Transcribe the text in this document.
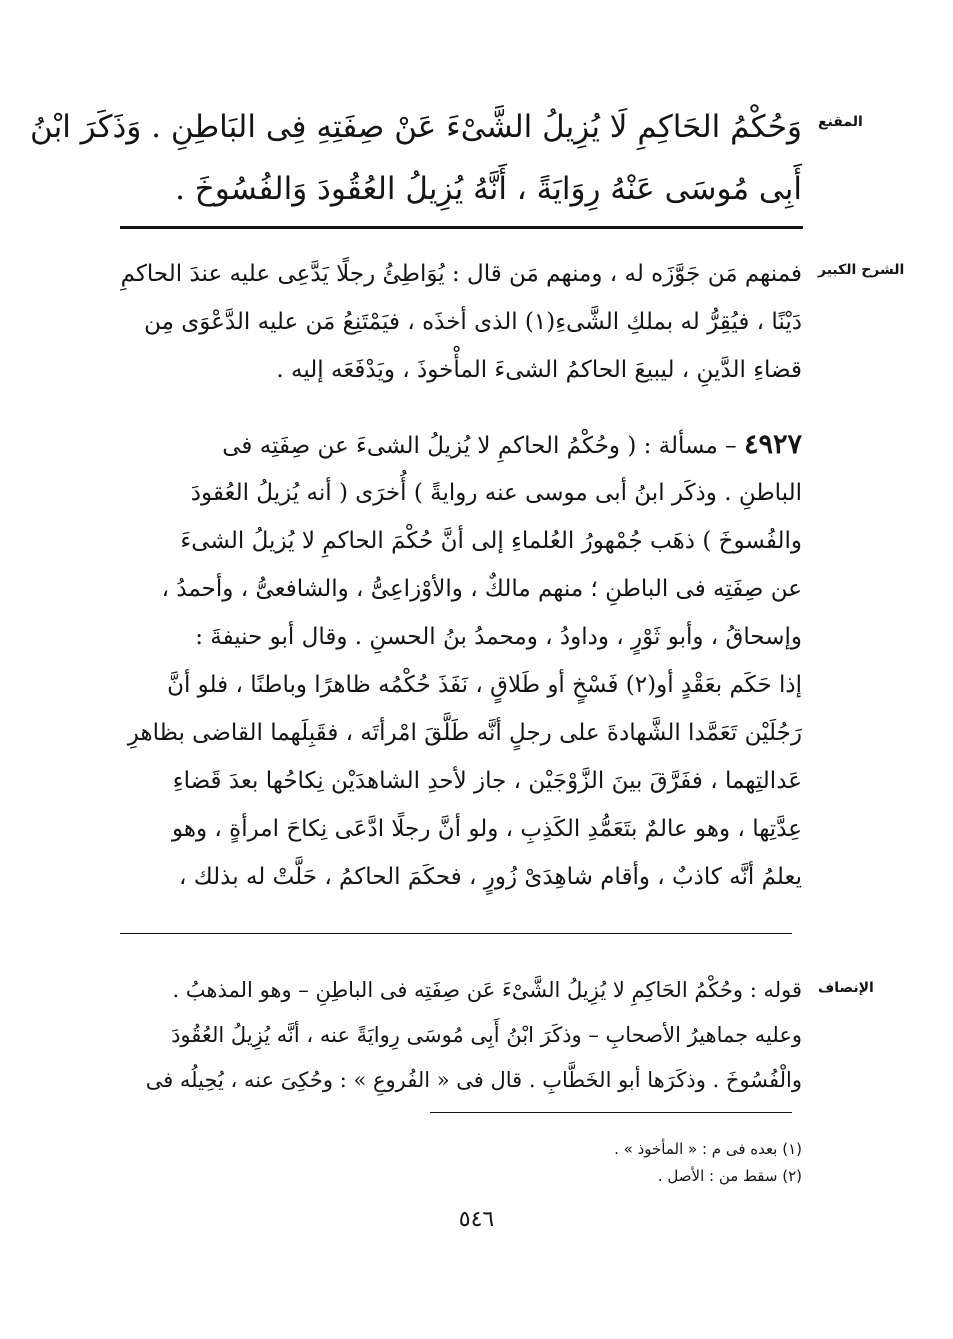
المقنع
وَحُكْمُ الحَاكِمِ لَا يُزِيلُ الشَّىْءَ عَنْ صِفَتِهِ فِى البَاطِنِ . وَذَكَرَ ابْنُ
أَبِى مُوسَى عَنْهُ رِوَايَةً ، أَنَّهُ يُزِيلُ العُقُودَ وَالفُسُوخَ .
الشرح الكبير
فمنهم مَن جَوَّزَه له ، ومنهم مَن قال : يُوَاطِئُ رجلًا يَدَّعِى عليه عندَ الحاكمِ
دَيْنًا ، فيُقِرُّ له بملكِ الشَّىءِ(١) الذى أخذَه ، فيَمْتَنِعُ مَن عليه الدَّعْوَى مِن
قضاءِ الدَّينِ ، ليبيعَ الحاكمُ الشىءَ المأْخوذَ ، ويَدْفَعَه إليه .
٤٩٢٧ – مسألة : ( وحُكْمُ الحاكمِ لا يُزيلُ الشىءَ عن صِفَتِه فى
الباطنِ . وذكَر ابنُ أبى موسى عنه روايةً ) أُخرَى ( أنه يُزيلُ العُقودَ
والفُسوخَ ) ذهَب جُمْهورُ العُلماءِ إلى أنَّ حُكْمَ الحاكمِ لا يُزيلُ الشىءَ
عن صِفَتِه فى الباطنِ ؛ منهم مالكٌ ، والأوْزاعِىُّ ، والشافعىُّ ، وأحمدُ ،
وإسحاقُ ، وأبو ثَوْرٍ ، وداودُ ، ومحمدُ بنُ الحسنِ . وقال أبو حنيفةَ :
إذا حَكَم بعَقْدٍ أو(٢) فَسْخٍ أو طَلاقٍ ، نَفَذَ حُكْمُه ظاهرًا وباطنًا ، فلو أنَّ
رَجُلَيْن تَعَمَّدا الشَّهادةَ على رجلٍ أنَّه طَلَّقَ امْرأتَه ، فقَبِلَهما القاضى بظاهرِ
عَدالتِهما ، ففَرَّقَ بينَ الزَّوْجَيْن ، جاز لأحدِ الشاهدَيْن نِكاحُها بعدَ قَضاءِ
عِدَّتِها ، وهو عالمٌ بتَعَمُّدِ الكَذِبِ ، ولو أنَّ رجلًا ادَّعَى نِكاحَ امرأةٍ ، وهو
يعلمُ أنَّه كاذبٌ ، وأقام شاهِدَىْ زُورٍ ، فحكَمَ الحاكمُ ، حَلَّتْ له بذلك ،
الإنصاف
قوله : وحُكْمُ الحَاكِمِ لا يُزِيلُ الشَّىْءَ عَن صِفَتِه فى الباطِنِ – وهو المذهبُ .
وعليه جماهيرُ الأصحابِ – وذكَرَ ابْنُ أَبِى مُوسَى رِوايَةً عنه ، أنَّه يُزِيلُ العُقُودَ
والْفُسُوخَ . وذكَرَها أبو الخَطَّابِ . قال فى « الفُروعِ » : وحُكِىَ عنه ، يُحِيلُه فى
(١) بعده فى م : « المأخوذ » .
(٢) سقط من : الأصل .
٥٤٦
